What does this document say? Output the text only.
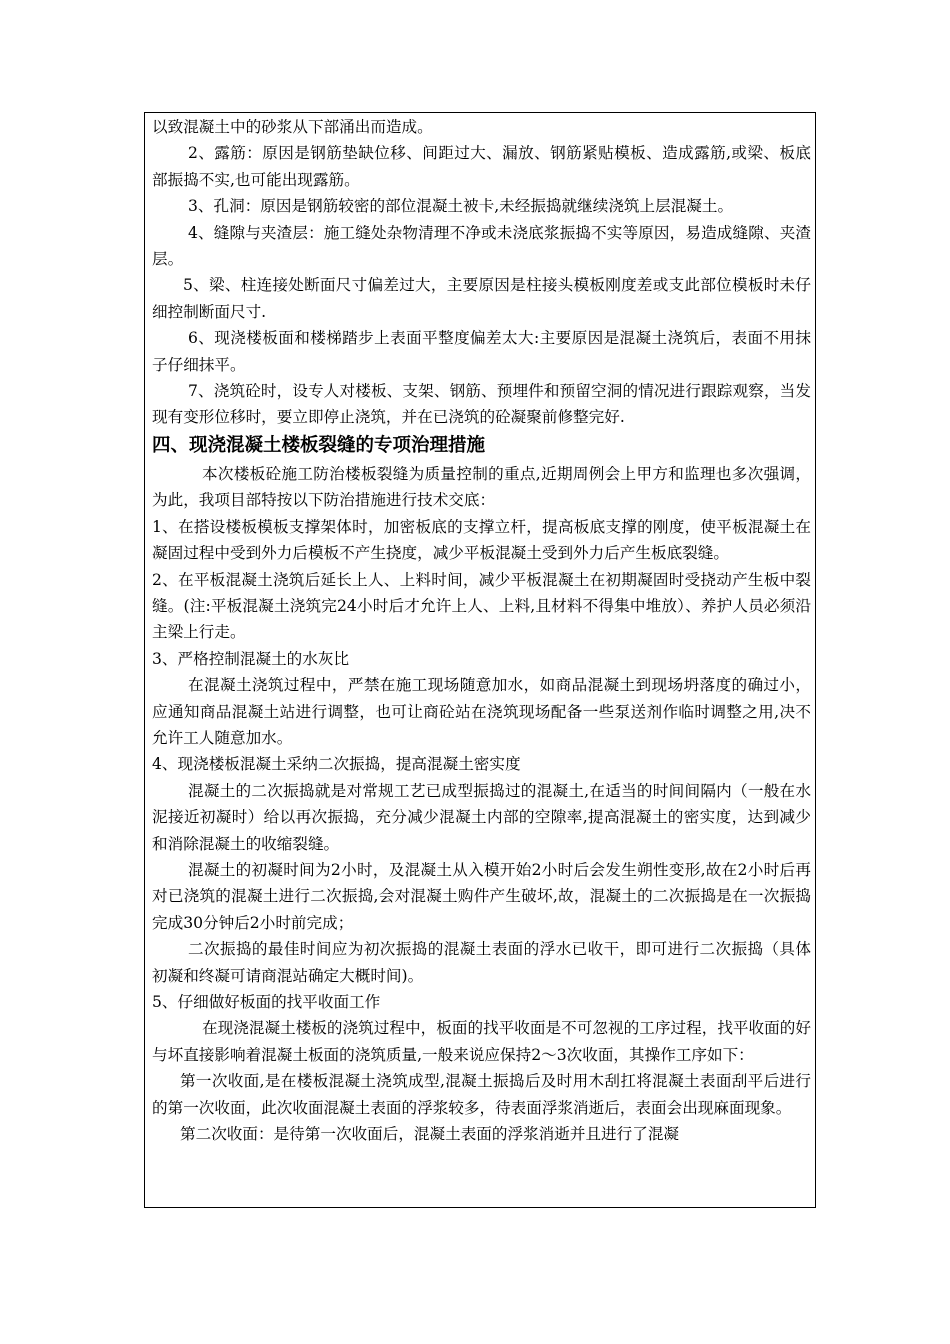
以致混凝土中的砂浆从下部涌出而造成。

2、露筋：原因是钢筋垫缺位移、间距过大、漏放、钢筋紧贴模板、造成露筋,或梁、板底部振捣不实,也可能出现露筋。

3、孔洞：原因是钢筋较密的部位混凝土被卡,未经振捣就继续浇筑上层混凝土。

4、缝隙与夹渣层：施工缝处杂物清理不净或未浇底浆振捣不实等原因，易造成缝隙、夹渣层。

5、梁、柱连接处断面尺寸偏差过大，主要原因是柱接头模板刚度差或支此部位模板时未仔细控制断面尺寸.

6、现浇楼板面和楼梯踏步上表面平整度偏差太大:主要原因是混凝土浇筑后，表面不用抹子仔细抹平。

7、浇筑砼时，设专人对楼板、支架、钢筋、预埋件和预留空洞的情况进行跟踪观察，当发现有变形位移时，要立即停止浇筑，并在已浇筑的砼凝聚前修整完好.

四、现浇混凝土楼板裂缝的专项治理措施

本次楼板砼施工防治楼板裂缝为质量控制的重点,近期周例会上甲方和监理也多次强调，为此，我项目部特按以下防治措施进行技术交底：

1、在搭设楼板模板支撑架体时，加密板底的支撑立杆，提高板底支撑的刚度，使平板混凝土在凝固过程中受到外力后模板不产生挠度，减少平板混凝土受到外力后产生板底裂缝。

2、在平板混凝土浇筑后延长上人、上料时间，减少平板混凝土在初期凝固时受挠动产生板中裂缝。(注:平板混凝土浇筑完24小时后才允许上人、上料,且材料不得集中堆放）、养护人员必须沿主梁上行走。

3、严格控制混凝土的水灰比

在混凝土浇筑过程中，严禁在施工现场随意加水，如商品混凝土到现场坍落度的确过小，应通知商品混凝土站进行调整，也可让商砼站在浇筑现场配备一些泵送剂作临时调整之用,决不允许工人随意加水。

4、现浇楼板混凝土采纳二次振捣，提高混凝土密实度

混凝土的二次振捣就是对常规工艺已成型振捣过的混凝土,在适当的时间间隔内（一般在水泥接近初凝时）给以再次振捣，充分减少混凝土内部的空隙率,提高混凝土的密实度，达到减少和消除混凝土的收缩裂缝。

混凝土的初凝时间为2小时，及混凝土从入模开始2小时后会发生朔性变形,故在2小时后再对已浇筑的混凝土进行二次振捣,会对混凝土购件产生破坏,故，混凝土的二次振捣是在一次振捣完成30分钟后2小时前完成；

二次振捣的最佳时间应为初次振捣的混凝土表面的浮水已收干，即可进行二次振捣（具体初凝和终凝可请商混站确定大概时间)。

5、仔细做好板面的找平收面工作

在现浇混凝土楼板的浇筑过程中，板面的找平收面是不可忽视的工序过程，找平收面的好与坏直接影响着混凝土板面的浇筑质量,一般来说应保持2～3次收面，其操作工序如下：

第一次收面,是在楼板混凝土浇筑成型,混凝土振捣后及时用木刮扛将混凝土表面刮平后进行的第一次收面，此次收面混凝土表面的浮浆较多，待表面浮浆消逝后，表面会出现麻面现象。

第二次收面：是待第一次收面后，混凝土表面的浮浆消逝并且进行了混凝
